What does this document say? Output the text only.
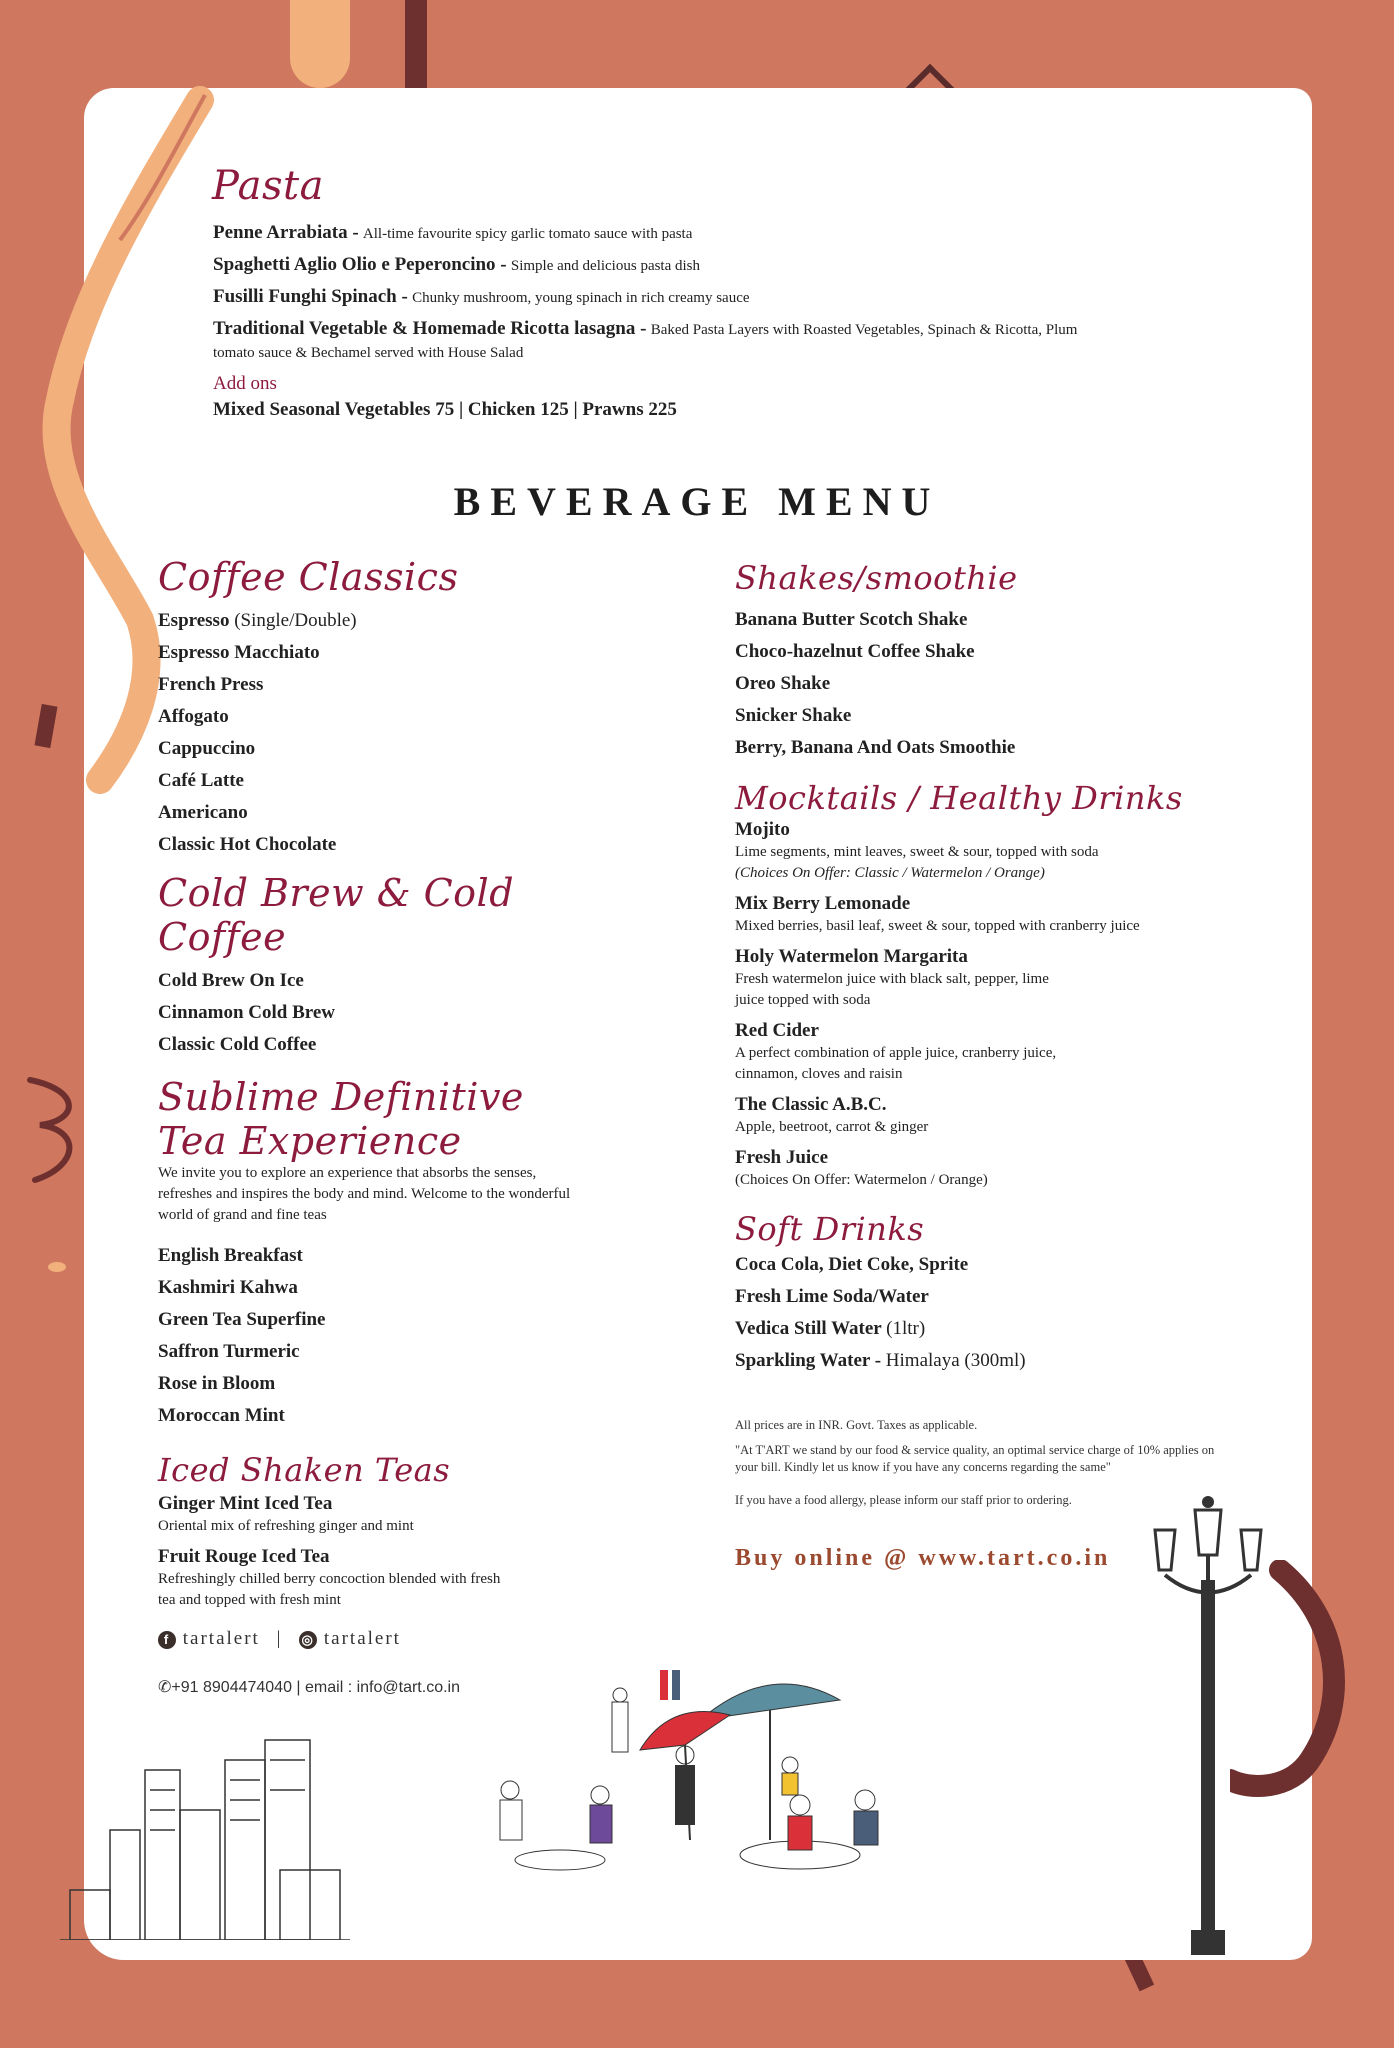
Pasta
Penne Arrabiata - All-time favourite spicy garlic tomato sauce with pasta
Spaghetti Aglio Olio e Peperoncino - Simple and delicious pasta dish
Fusilli Funghi Spinach - Chunky mushroom, young spinach in rich creamy sauce
Traditional Vegetable & Homemade Ricotta lasagna - Baked Pasta Layers with Roasted Vegetables, Spinach & Ricotta, Plum tomato sauce & Bechamel served with House Salad
Add ons
Mixed Seasonal Vegetables 75 | Chicken 125 | Prawns 225
BEVERAGE MENU
Coffee Classics
Espresso (Single/Double)
Espresso Macchiato
French Press
Affogato
Cappuccino
Café Latte
Americano
Classic Hot Chocolate
Cold Brew & Cold Coffee
Cold Brew On Ice
Cinnamon Cold Brew
Classic Cold Coffee
Sublime Definitive
Tea Experience
We invite you to explore an experience that absorbs the senses, refreshes and inspires the body and mind. Welcome to the wonderful world of grand and fine teas
English Breakfast
Kashmiri Kahwa
Green Tea Superfine
Saffron Turmeric
Rose in Bloom
Moroccan Mint
Iced Shaken Teas
Ginger Mint Iced Tea
Oriental mix of refreshing ginger and mint
Fruit Rouge Iced Tea
Refreshingly chilled berry concoction blended with fresh tea and topped with fresh mint
f tartalert | ◎ tartalert
✆+91 8904474040 | email : info@tart.co.in
Shakes/smoothie
Banana Butter Scotch Shake
Choco-hazelnut Coffee Shake
Oreo Shake
Snicker Shake
Berry, Banana And Oats Smoothie
Mocktails / Healthy Drinks
Mojito
Lime segments, mint leaves, sweet & sour, topped with soda
(Choices On Offer: Classic / Watermelon / Orange)
Mix Berry Lemonade
Mixed berries, basil leaf, sweet & sour, topped with cranberry juice
Holy Watermelon Margarita
Fresh watermelon juice with black salt, pepper, lime juice topped with soda
Red Cider
A perfect combination of apple juice, cranberry juice, cinnamon, cloves and raisin
The Classic A.B.C.
Apple, beetroot, carrot & ginger
Fresh Juice
(Choices On Offer: Watermelon / Orange)
Soft Drinks
Coca Cola, Diet Coke, Sprite
Fresh Lime Soda/Water
Vedica Still Water (1ltr)
Sparkling Water - Himalaya (300ml)
All prices are in INR. Govt. Taxes as applicable.
"At T'ART we stand by our food & service quality, an optimal service charge of 10% applies on your bill. Kindly let us know if you have any concerns regarding the same"
If you have a food allergy, please inform our staff prior to ordering.
Buy online @ www.tart.co.in
